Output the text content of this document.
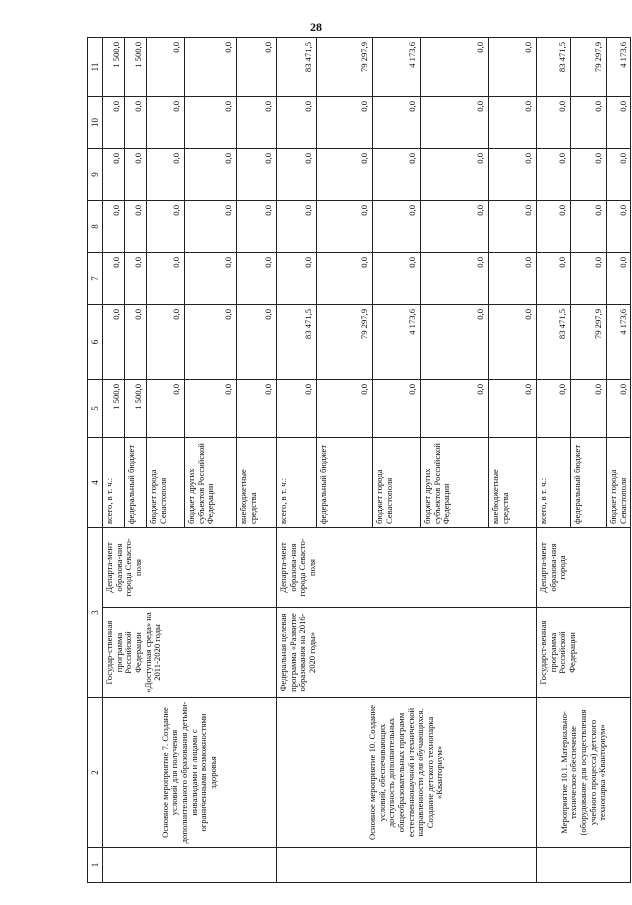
28
1	2	3		4	5	6	7	8	9	10	11
	Основное мероприятие 7. Создание условий для получения дополнительного образования детьми-инвалидами и лицами с ограниченными возможностями здоровья	Государ-ственная программа Российской Федерации «Доступная среда» на 2011-2020 годы	Департа-мент образова-ния города Севасто-поля	всего, в т. ч.:	1 500,0	0,0	0,0	0,0	0,0	0,0	1 500,0
				федеральный бюджет	1 500,0	0,0	0,0	0,0	0,0	0,0	1 500,0
				бюджет города Севастополя	0,0	0,0	0,0	0,0	0,0	0,0	0,0
				бюджет других субъектов Российской Федерации	0,0	0,0	0,0	0,0	0,0	0,0	0,0
				внебюджетные средства	0,0	0,0	0,0	0,0	0,0	0,0	0,0
	Основное мероприятие 10. Создание условий, обеспечивающих доступность дополнительных общеобразовательных программ естественнонаучной и технической направленности для обучающихся. Создание детского технопарка «Кванториум»	Федеральная целевая программа «Развитие образования на 2016-2020 годы»	Департа-мент образова-ния города Севасто-поля	всего, в т. ч.:	0,0	83 471,5	0,0	0,0	0,0	0,0	83 471,5
				федеральный бюджет	0,0	79 297,9	0,0	0,0	0,0	0,0	79 297,9
				бюджет города Севастополя	0,0	4 173,6	0,0	0,0	0,0	0,0	4 173,6
				бюджет других субъектов Российской Федерации	0,0	0,0	0,0	0,0	0,0	0,0	0,0
				внебюджетные средства	0,0	0,0	0,0	0,0	0,0	0,0	0,0
	Мероприятие 10.1. Материально-техническое обеспечение (оборудование для осуществления учебного процесса) детского технопарка «Кванториум»	Государст-венная программа Российской Федерации	Департа-мент образова-ния города	всего, в т. ч.:	0,0	83 471,5	0,0	0,0	0,0	0,0	83 471,5
				федеральный бюджет	0,0	79 297,9	0,0	0,0	0,0	0,0	79 297,9
				бюджет города Севастополя	0,0	4 173,6	0,0	0,0	0,0	0,0	4 173,6
